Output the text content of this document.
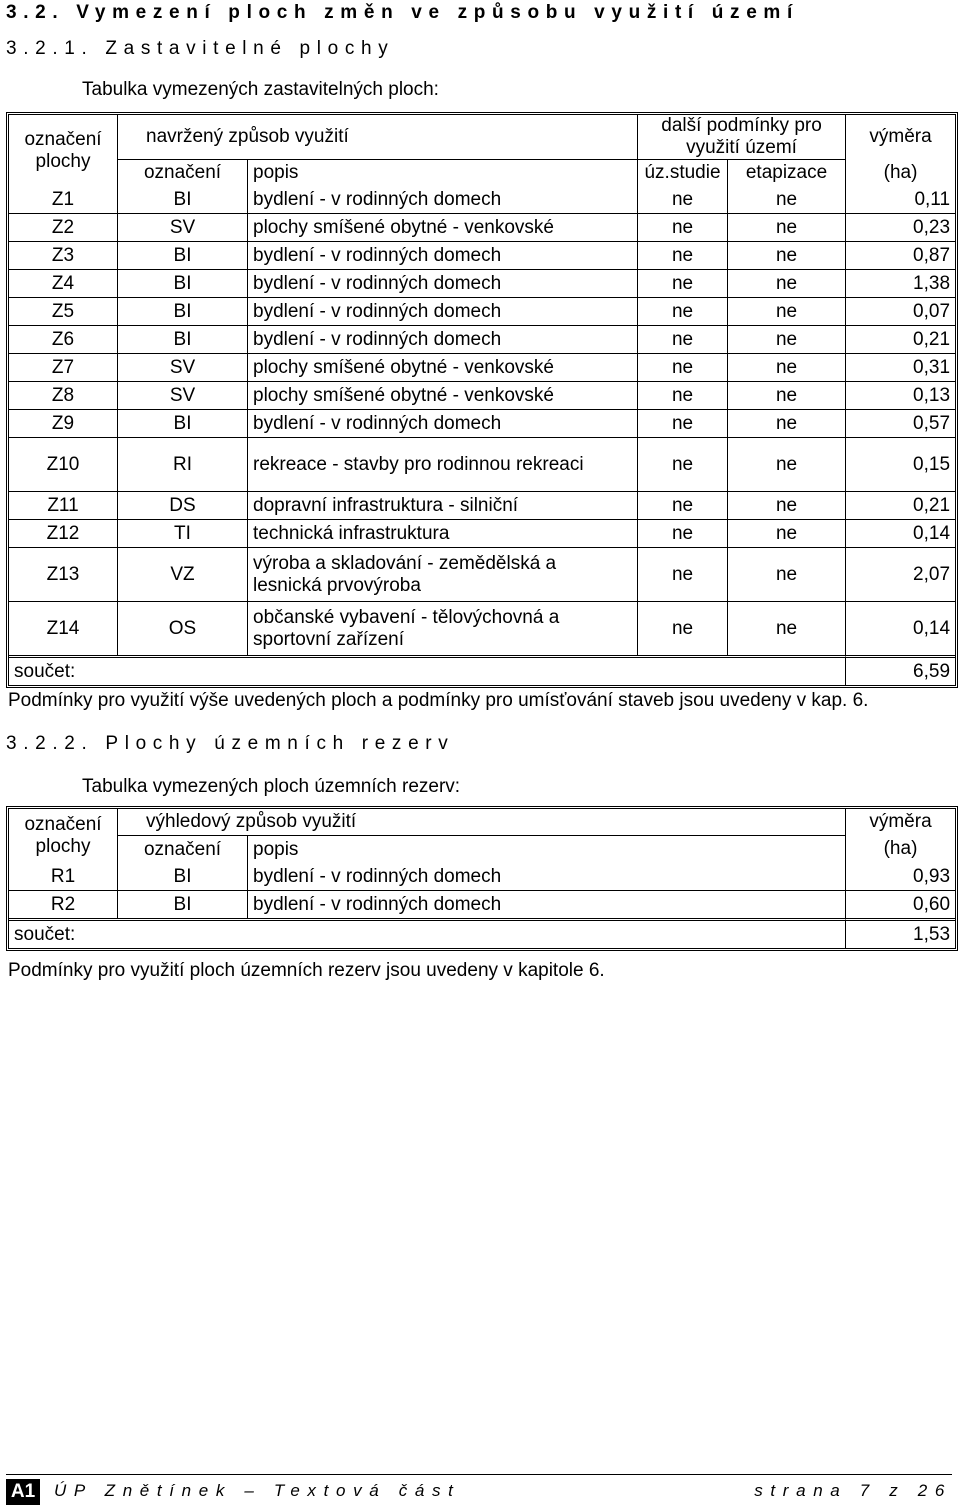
3.2. Vymezení ploch změn ve způsobu využití území
3.2.1. Zastavitelné plochy
Tabulka vymezených zastavitelných ploch:
označení plochy	navržený způsob využití		další podmínky pro využití území		výměra
	označení	popis	úz.studie	etapizace	(ha)
Z1	BI	bydlení - v rodinných domech	ne	ne	0,11
Z2	SV	plochy smíšené obytné - venkovské	ne	ne	0,23
Z3	BI	bydlení - v rodinných domech	ne	ne	0,87
Z4	BI	bydlení - v rodinných domech	ne	ne	1,38
Z5	BI	bydlení - v rodinných domech	ne	ne	0,07
Z6	BI	bydlení - v rodinných domech	ne	ne	0,21
Z7	SV	plochy smíšené obytné - venkovské	ne	ne	0,31
Z8	SV	plochy smíšené obytné - venkovské	ne	ne	0,13
Z9	BI	bydlení - v rodinných domech	ne	ne	0,57
Z10	RI	rekreace - stavby pro rodinnou rekreaci	ne	ne	0,15
Z11	DS	dopravní infrastruktura - silniční	ne	ne	0,21
Z12	TI	technická infrastruktura	ne	ne	0,14
Z13	VZ	výroba a skladování - zemědělská a lesnická prvovýroba	ne	ne	2,07
Z14	OS	občanské vybavení - tělovýchovná a sportovní zařízení	ne	ne	0,14
součet:					6,59
Podmínky pro využití výše uvedených ploch a podmínky pro umísťování staveb jsou uvedeny v kap. 6.
3.2.2. Plochy územních rezerv
Tabulka vymezených ploch územních rezerv:
označení plochy	výhledový způsob využití		výměra
	označení	popis	(ha)
R1	BI	bydlení - v rodinných domech	0,93
R2	BI	bydlení - v rodinných domech	0,60
součet:			1,53
Podmínky pro využití ploch územních rezerv jsou uvedeny v kapitole 6.
A1 ÚP Znětínek – Textová část	strana 7 z 26
